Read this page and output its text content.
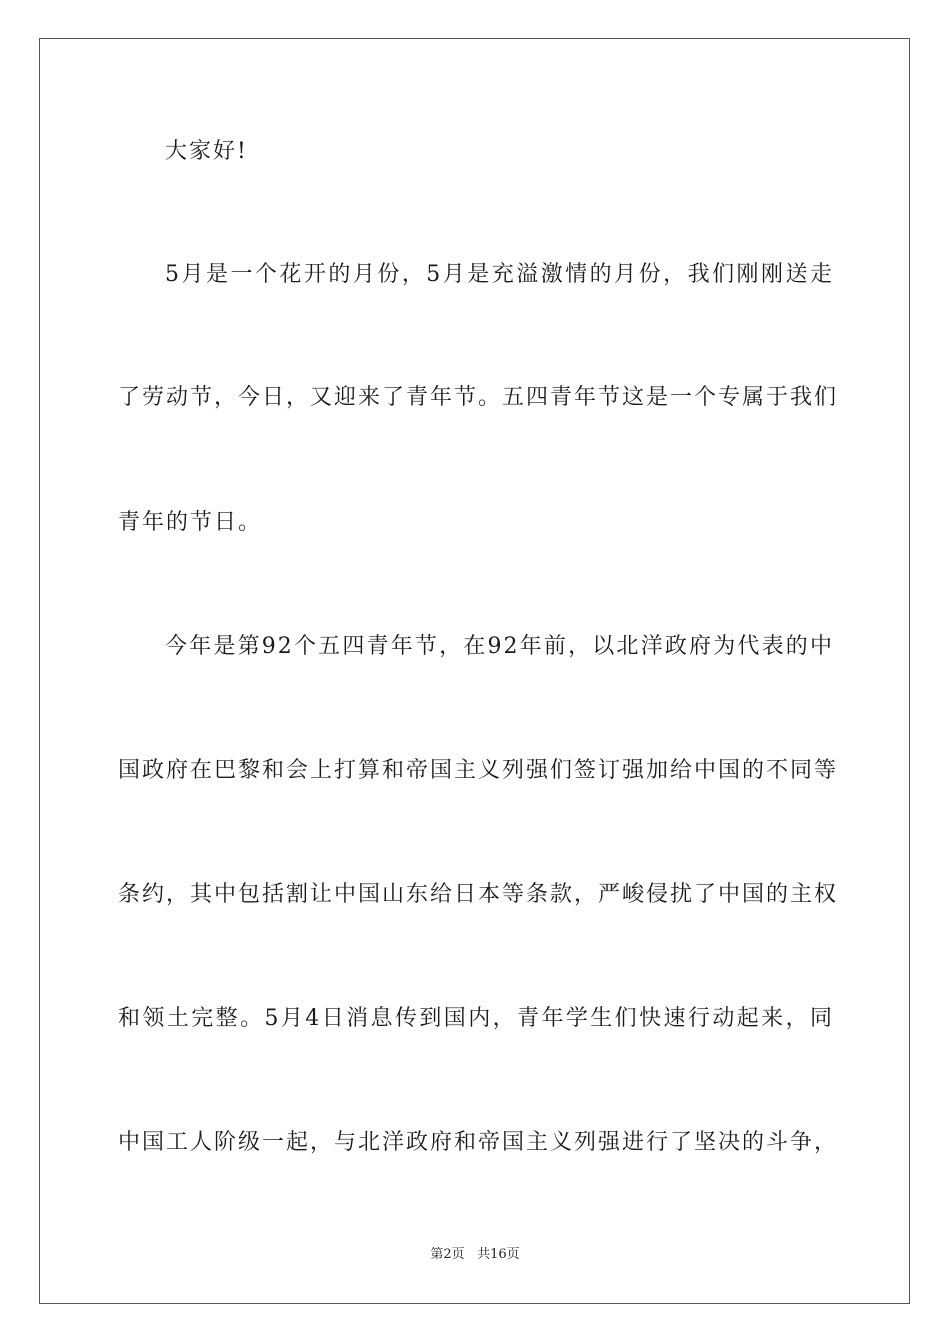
大家好!
5月是一个花开的月份，5月是充溢激情的月份，我们刚刚送走
了劳动节，今日，又迎来了青年节。五四青年节这是一个专属于我们
青年的节日。
今年是第92个五四青年节，在92年前，以北洋政府为代表的中
国政府在巴黎和会上打算和帝国主义列强们签订强加给中国的不同等
条约，其中包括割让中国山东给日本等条款，严峻侵扰了中国的主权
和领土完整。5月4日消息传到国内，青年学生们快速行动起来，同
中国工人阶级一起，与北洋政府和帝国主义列强进行了坚决的斗争，
第2页 共16页
